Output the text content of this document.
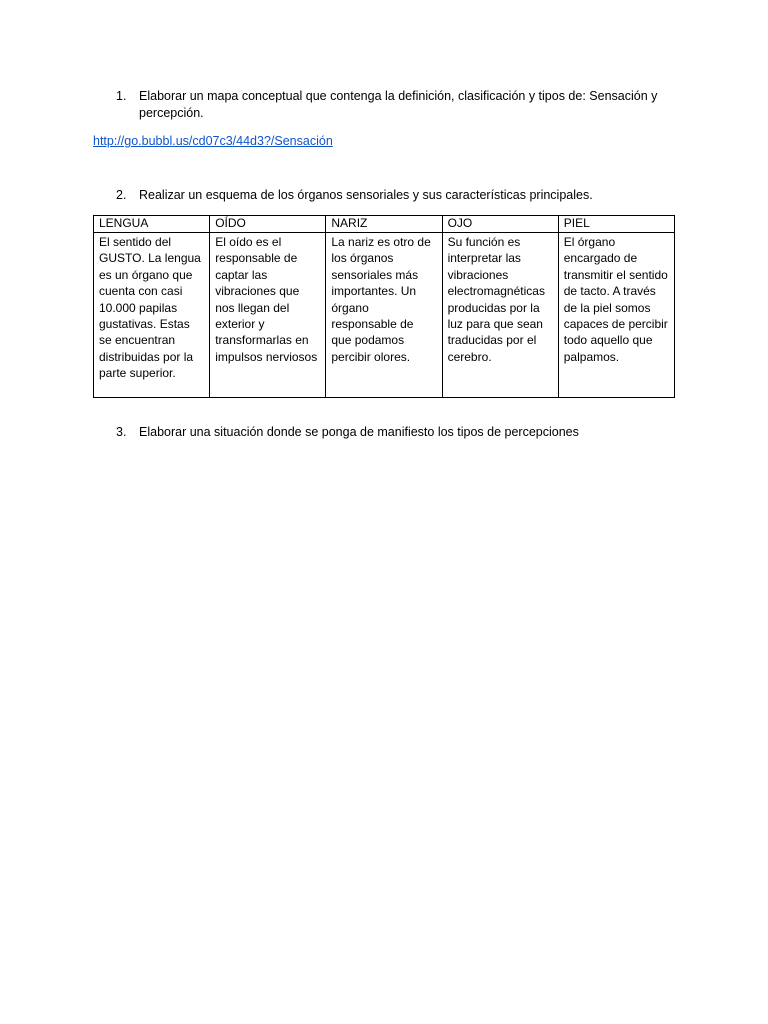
1.	Elaborar un mapa conceptual que contenga la definición, clasificación y tipos de: Sensación y percepción.
http://go.bubbl.us/cd07c3/44d3?/Sensación
2.	Realizar un esquema de los órganos sensoriales y sus características principales.
LENGUA	OÍDO	NARIZ	OJO	PIEL
El sentido del GUSTO. La lengua es un órgano que cuenta con casi 10.000 papilas gustativas. Estas se encuentran distribuidas por la parte superior.	El oído es el responsable de captar las vibraciones que nos llegan del exterior y transformarlas en impulsos nerviosos	La nariz es otro de los órganos sensoriales más importantes. Un órgano responsable de que podamos percibir olores.	Su función es interpretar las vibraciones electromagnéticas producidas por la luz para que sean traducidas por el cerebro.	El órgano encargado de transmitir el sentido de tacto. A través de la piel somos capaces de percibir todo aquello que palpamos.
3.	Elaborar una situación donde se ponga de manifiesto los tipos de percepciones
